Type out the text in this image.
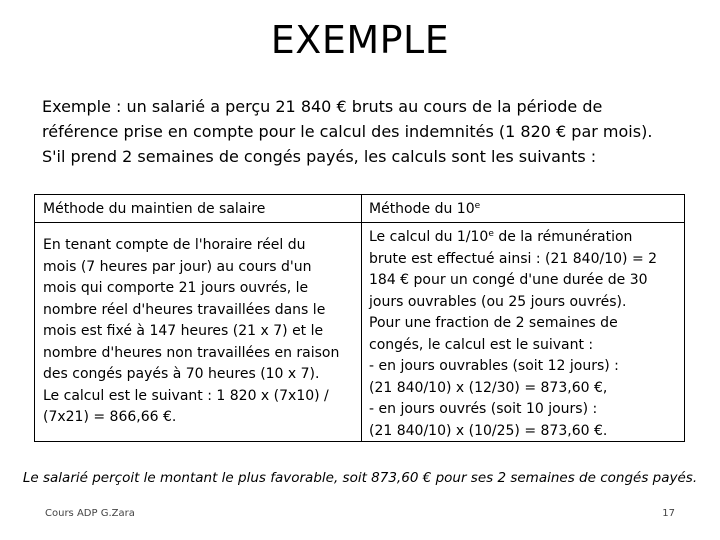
EXEMPLE

Exemple : un salarié a perçu 21 840 € bruts au cours de la période de

référence prise en compte pour le calcul des indemnités (1 820 € par mois).

S'il prend 2 semaines de congés payés, les calculs sont les suivants :

Méthode du maintien de salaire	Méthode du 10e
En tenant compte de l'horaire réel du
mois (7 heures par jour) au cours d'un
mois qui comporte 21 jours ouvrés, le
nombre réel d'heures travaillées dans le
mois est fixé à 147 heures (21 x 7) et le
nombre d'heures non travaillées en raison
des congés payés à 70 heures (10 x 7).
Le calcul est le suivant : 1 820 x (7x10) /
(7x21) = 866,66 €.
Le calcul du 1/10e de la rémunération
brute est effectué ainsi : (21 840/10) = 2
184 € pour un congé d'une durée de 30
jours ouvrables (ou 25 jours ouvrés).
Pour une fraction de 2 semaines de
congés, le calcul est le suivant :
- en jours ouvrables (soit 12 jours) :
(21 840/10) x (12/30) = 873,60 €,
- en jours ouvrés (soit 10 jours) :
(21 840/10) x (10/25) = 873,60 €.
Le salarié perçoit le montant le plus favorable, soit 873,60 € pour ses 2 semaines de congés payés.
Cours ADP G.Zara	17
